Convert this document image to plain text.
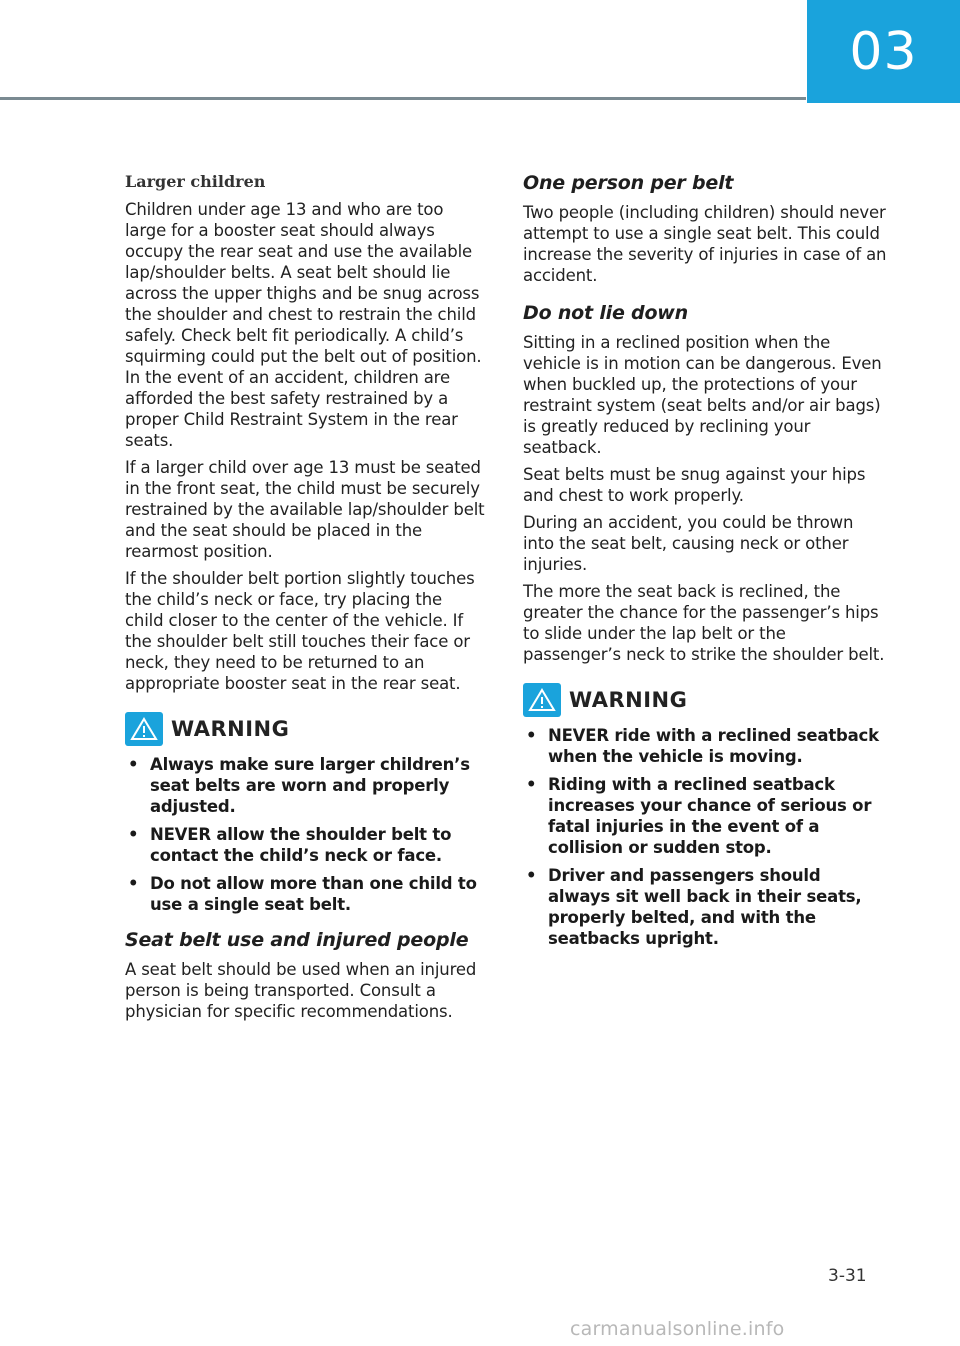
03
Larger children

Children under age 13 and who are too large for a booster seat should always occupy the rear seat and use the available lap/shoulder belts. A seat belt should lie across the upper thighs and be snug across the shoulder and chest to restrain the child safely. Check belt fit periodically. A child’s squirming could put the belt out of position. In the event of an accident, children are afforded the best safety restrained by a proper Child Restraint System in the rear seats.

If a larger child over age 13 must be seated in the front seat, the child must be securely restrained by the available lap/shoulder belt and the seat should be placed in the rearmost position.

If the shoulder belt portion slightly touches the child’s neck or face, try placing the child closer to the center of the vehicle. If the shoulder belt still touches their face or neck, they need to be returned to an appropriate booster seat in the rear seat.

WARNING
• Always make sure larger children’s seat belts are worn and properly adjusted.
• NEVER allow the shoulder belt to contact the child’s neck or face.
• Do not allow more than one child to use a single seat belt.
Seat belt use and injured people

A seat belt should be used when an injured person is being transported. Consult a physician for specific recommendations.

One person per belt

Two people (including children) should never attempt to use a single seat belt. This could increase the severity of injuries in case of an accident.

Do not lie down

Sitting in a reclined position when the vehicle is in motion can be dangerous. Even when buckled up, the protections of your restraint system (seat belts and/or air bags) is greatly reduced by reclining your seatback.

Seat belts must be snug against your hips and chest to work properly.

During an accident, you could be thrown into the seat belt, causing neck or other injuries.

The more the seat back is reclined, the greater the chance for the passenger’s hips to slide under the lap belt or the passenger’s neck to strike the shoulder belt.

WARNING
• NEVER ride with a reclined seatback when the vehicle is moving.
• Riding with a reclined seatback increases your chance of serious or fatal injuries in the event of a collision or sudden stop.
• Driver and passengers should always sit well back in their seats, properly belted, and with the seatbacks upright.
3-31
carmanualsonline.info
